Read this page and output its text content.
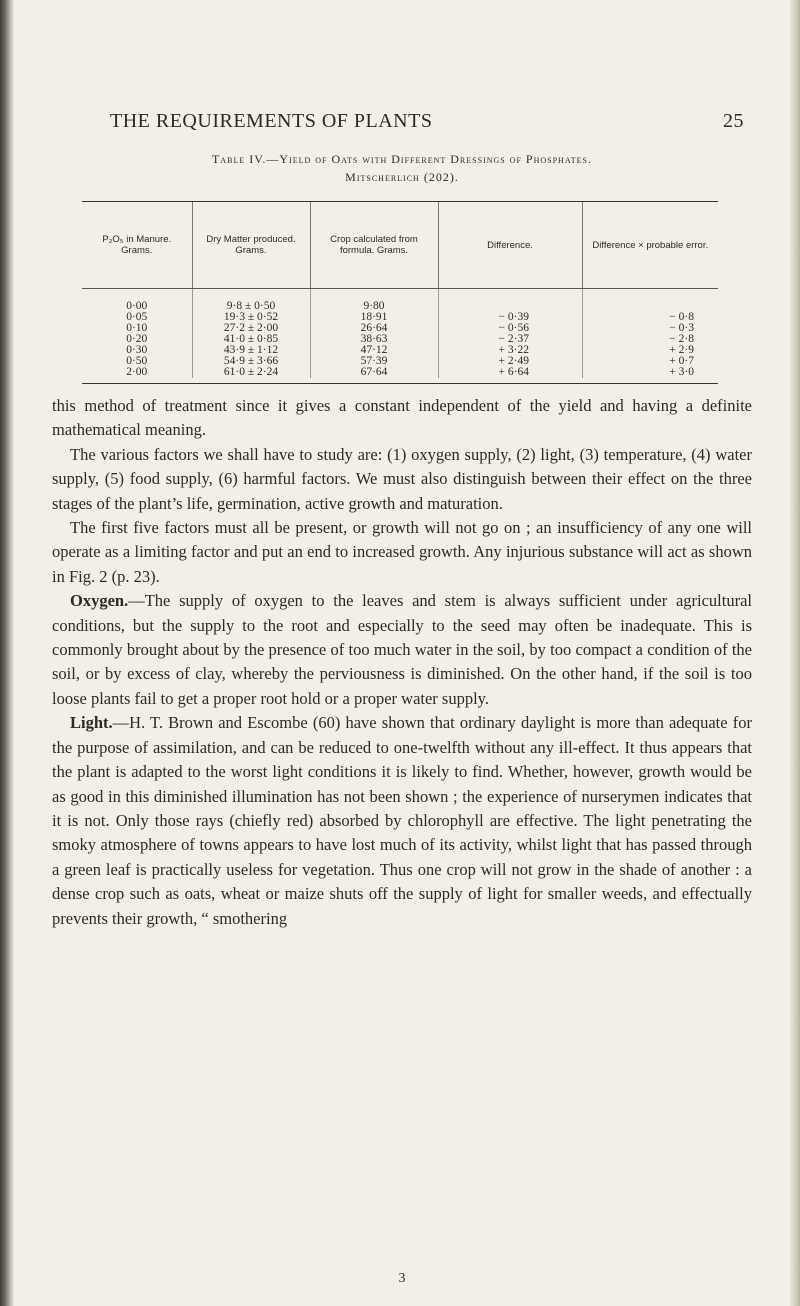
THE REQUIREMENTS OF PLANTS	25
Table IV.—Yield of Oats with Different Dressings of Phosphates.
Mitscherlich (202).
P₂O₅ in Manure. Grams.	Dry Matter produced. Grams.	Crop calculated from formula. Grams.	Difference.	Difference × probable error.
0·00	9·8 ± 0·50	9·80		
0·05	19·3 ± 0·52	18·91	− 0·39	− 0·8
0·10	27·2 ± 2·00	26·64	− 0·56	− 0·3
0·20	41·0 ± 0·85	38·63	− 2·37	− 2·8
0·30	43·9 ± 1·12	47·12	+ 3·22	+ 2·9
0·50	54·9 ± 3·66	57·39	+ 2·49	+ 0·7
2·00	61·0 ± 2·24	67·64	+ 6·64	+ 3·0

this method of treatment since it gives a constant independent of the yield and having a definite mathematical meaning.

The various factors we shall have to study are: (1) oxygen supply, (2) light, (3) temperature, (4) water supply, (5) food supply, (6) harmful factors. We must also distinguish between their effect on the three stages of the plant’s life, germination, active growth and maturation.

The first five factors must all be present, or growth will not go on ; an insufficiency of any one will operate as a limiting factor and put an end to increased growth. Any injurious substance will act as shown in Fig. 2 (p. 23).

Oxygen.—The supply of oxygen to the leaves and stem is always sufficient under agricultural conditions, but the supply to the root and especially to the seed may often be inadequate. This is commonly brought about by the presence of too much water in the soil, by too compact a condition of the soil, or by excess of clay, whereby the perviousness is diminished. On the other hand, if the soil is too loose plants fail to get a proper root hold or a proper water supply.

Light.—H. T. Brown and Escombe (60) have shown that ordinary daylight is more than adequate for the purpose of assimilation, and can be reduced to one-twelfth without any ill-effect. It thus appears that the plant is adapted to the worst light conditions it is likely to find. Whether, however, growth would be as good in this diminished illumination has not been shown ; the experience of nurserymen indicates that it is not. Only those rays (chiefly red) absorbed by chlorophyll are effective. The light penetrating the smoky atmosphere of towns appears to have lost much of its activity, whilst light that has passed through a green leaf is practically useless for vegetation. Thus one crop will not grow in the shade of another : a dense crop such as oats, wheat or maize shuts off the supply of light for smaller weeds, and effectually prevents their growth, “ smothering

3
